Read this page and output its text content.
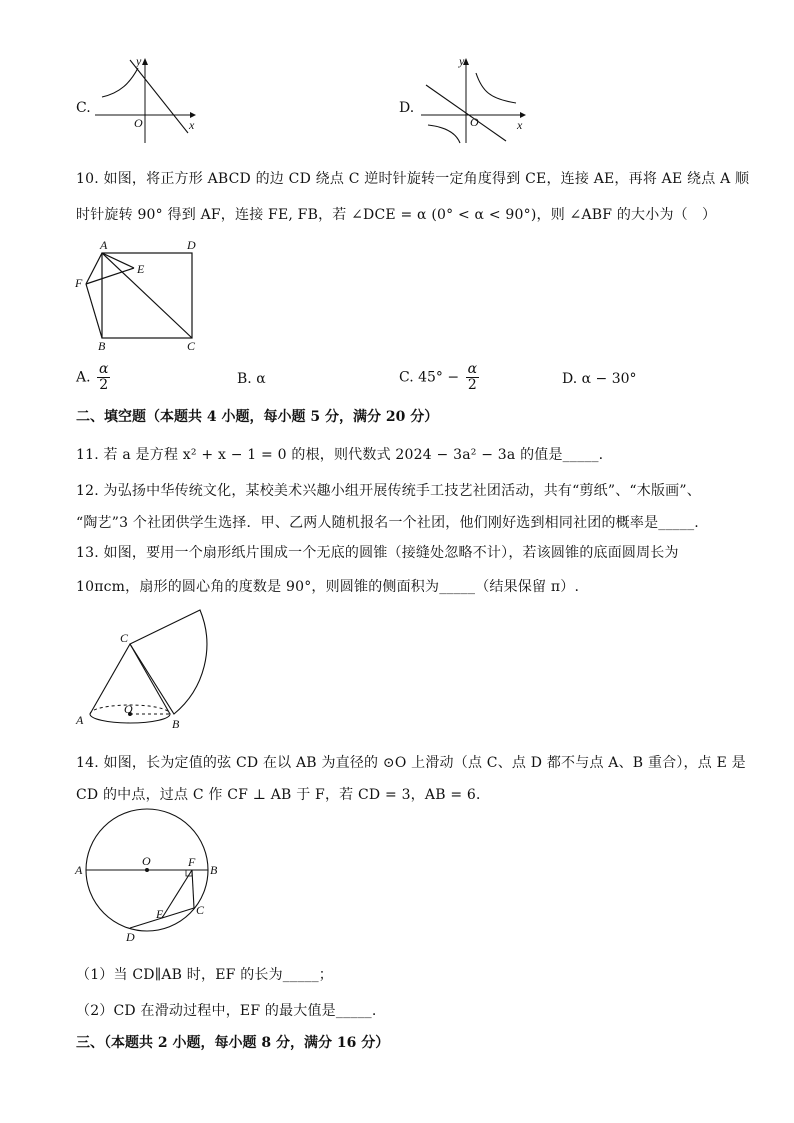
C.
y
x
O
D.
y
x
O
10. 如图，将正方形 ABCD 的边 CD 绕点 C 逆时针旋转一定角度得到 CE，连接 AE，再将 AE 绕点 A 顺
时针旋转 90° 得到 AF，连接 FE, FB，若 ∠DCE = α (0° < α < 90°)，则 ∠ABF 的大小为（　）
A	D
E
F
B	C
A. $\frac{\alpha}{2}$	B. α	C. $45^\circ - \frac{\alpha}{2}$	D. α − 30°
二、填空题（本题共 4 小题，每小题 5 分，满分 20 分）
11. 若 a 是方程 x² + x − 1 = 0 的根，则代数式 2024 − 3a² − 3a 的值是_____.
12. 为弘扬中华传统文化，某校美术兴趣小组开展传统手工技艺社团活动，共有“剪纸”、“木版画”、
“陶艺”3 个社团供学生选择．甲、乙两人随机报名一个社团，他们刚好选到相同社团的概率是_____.
13. 如图，要用一个扇形纸片围成一个无底的圆锥（接缝处忽略不计），若该圆锥的底面圆周长为
10πcm，扇形的圆心角的度数是 90°，则圆锥的侧面积为_____（结果保留 π）.
C
O
A	B
14. 如图，长为定值的弦 CD 在以 AB 为直径的 ⊙O 上滑动（点 C、点 D 都不与点 A、B 重合），点 E 是
CD 的中点，过点 C 作 CF ⊥ AB 于 F，若 CD = 3，AB = 6．
A
O	F
B
E	C
D
（1）当 CD∥AB 时，EF 的长为_____；
（2）CD 在滑动过程中，EF 的最大值是_____.
三、（本题共 2 小题，每小题 8 分，满分 16 分）
